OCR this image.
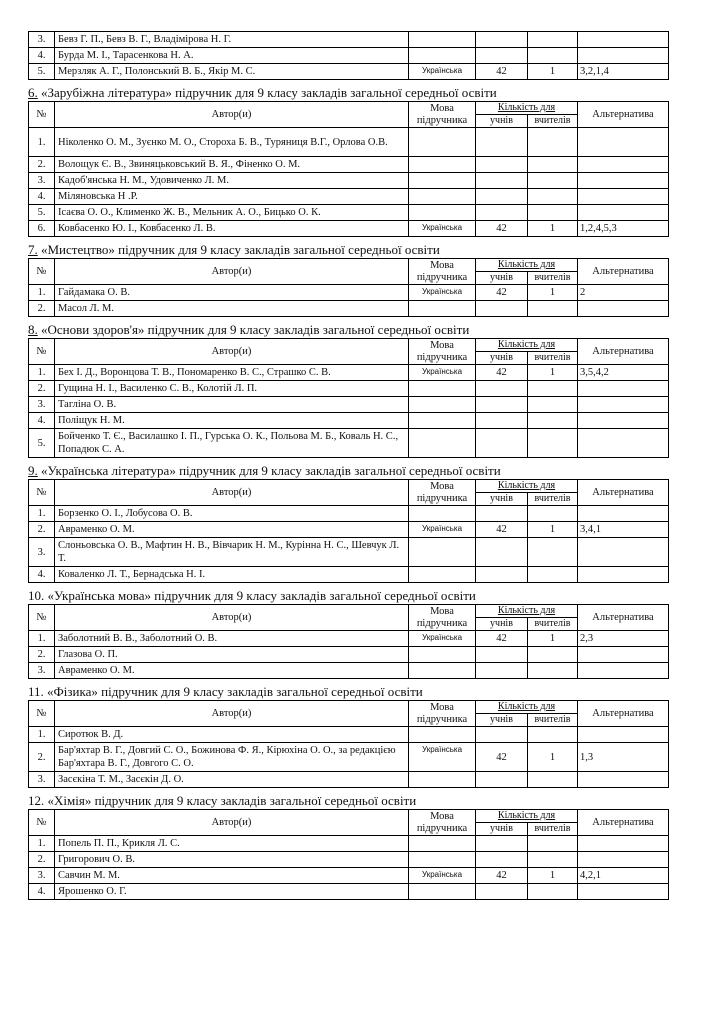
3.	Бевз Г. П., Бевз В. Г., Владімірова Н. Г.				
4.	Бурда М. І., Тарасенкова Н. А.				
5.	Мерзляк А. Г., Полонський В. Б., Якір М. С.	Українська	42	1	3,2,1,4
6. «Зарубіжна література» підручник для 9 класу закладів загальної середньої освіти
№	Автор(и)	Мова підручника	Кількість для		Альтернатива
			учнів	вчителів	
1.	Ніколенко О. М., Зуєнко М. О., Стороха Б. В., Туряниця В.Г., Орлова О.В.				
2.	Волощук Є. В., Звиняцьковський В. Я., Фіненко О. М.				
3.	Кадоб'янська Н. М., Удовиченко Л. М.				
4.	Міляновська Н .Р.				
5.	Ісаєва О. О., Клименко Ж. В., Мельник А. О., Бицько О. К.				
6.	Ковбасенко Ю. І., Ковбасенко Л. В.	Українська	42	1	1,2,4,5,3
7. «Мистецтво» підручник для 9 класу закладів загальної середньої освіти
№	Автор(и)	Мова підручника	Кількість для		Альтернатива
			учнів	вчителів	
1.	Гайдамака О. В.	Українська	42	1	2
2.	Масол Л. М.				
8. «Основи здоров'я» підручник для 9 класу закладів загальної середньої освіти
№	Автор(и)	Мова підручника	Кількість для		Альтернатива
			учнів	вчителів	
1.	Бех І. Д., Воронцова Т. В., Пономаренко В. С., Страшко С. В.	Українська	42	1	3,5,4,2
2.	Гущина Н. І., Василенко С. В., Колотій Л. П.				
3.	Тагліна О. В.				
4.	Поліщук Н. М.				
5.	Бойченко Т. Є., Василашко І. П., Гурська О. К., Польова М. Б., Коваль Н. С., Попадюк С. А.				
9. «Українська література» підручник для 9 класу закладів загальної середньої освіти
№	Автор(и)	Мова підручника	Кількість для		Альтернатива
			учнів	вчителів	
1.	Борзенко О. І., Лобусова О. В.				
2.	Авраменко О. М.	Українська	42	1	3,4,1
3.	Слоньовська О. В., Мафтин Н. В., Вівчарик Н. М., Курінна Н. С., Шевчук Л. Т.				
4.	Коваленко Л. Т., Бернадська Н. І.				
10. «Українська мова» підручник для 9 класу закладів загальної середньої освіти
№	Автор(и)	Мова підручника	Кількість для		Альтернатива
			учнів	вчителів	
1.	Заболотний В. В., Заболотний О. В.	Українська	42	1	2,3
2.	Глазова О. П.				
3.	Авраменко О. М.				
11. «Фізика» підручник для 9 класу закладів загальної середньої освіти
№	Автор(и)	Мова підручника	Кількість для		Альтернатива
			учнів	вчителів	
1.	Сиротюк В. Д.				
2.	Бар'яхтар В. Г., Довгий С. О., Божинова Ф. Я., Кірюхіна О. О., за редакцією Бар'яхтара В. Г., Довгого С. О.	Українська	42	1	1,3
3.	Засєкіна Т. М., Засєкін Д. О.				
12. «Хімія» підручник для 9 класу закладів загальної середньої освіти
№	Автор(и)	Мова підручника	Кількість для		Альтернатива
			учнів	вчителів	
1.	Попель П. П., Крикля Л. С.				
2.	Григорович О. В.				
3.	Савчин М. М.	Українська	42	1	4,2,1
4.	Ярошенко О. Г.				
